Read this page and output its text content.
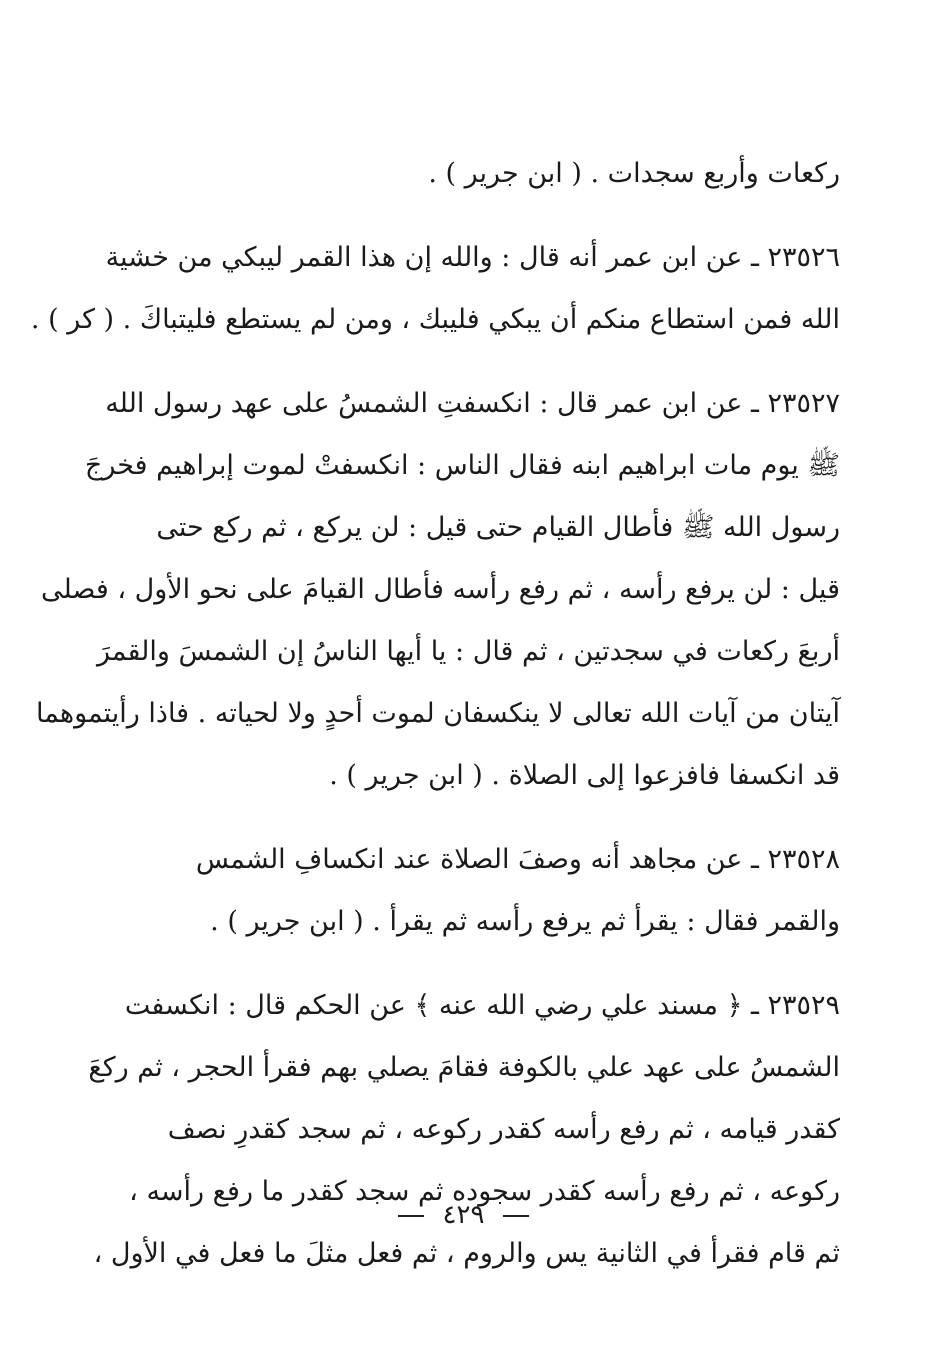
ركعات وأربع سجدات . ( ابن جرير ) .
٢٣٥٢٦ ـ عن ابن عمر أنه قال : والله إن هذا القمر ليبكي من خشية
الله فمن استطاع منكم أن يبكي فليبك ، ومن لم يستطع فليتباكَ . ( كر ) .
٢٣٥٢٧ ـ عن ابن عمر قال : انكسفتِ الشمسُ على عهد رسول الله
ﷺ يوم مات ابراهيم ابنه فقال الناس : انكسفتْ لموت إبراهيم فخرجَ
رسول الله ﷺ فأطال القيام حتى قيل : لن يركع ، ثم ركع حتى
قيل : لن يرفع رأسه ، ثم رفع رأسه فأطال القيامَ على نحو الأول ، فصلى
أربعَ ركعات في سجدتين ، ثم قال : يا أيها الناسُ إن الشمسَ والقمرَ
آيتان من آيات الله تعالى لا ينكسفان لموت أحدٍ ولا لحياته . فاذا رأيتموهما
قد انكسفا فافزعوا إلى الصلاة . ( ابن جرير ) .
٢٣٥٢٨ ـ عن مجاهد أنه وصفَ الصلاة عند انكسافِ الشمس
والقمر فقال : يقرأ ثم يرفع رأسه ثم يقرأ . ( ابن جرير ) .
٢٣٥٢٩ ـ ﴿ مسند علي رضي الله عنه ﴾ عن الحكم قال : انكسفت
الشمسُ على عهد علي بالكوفة فقامَ يصلي بهم فقرأ الحجر ، ثم ركعَ
كقدر قيامه ، ثم رفع رأسه كقدر ركوعه ، ثم سجد كقدرِ نصف
ركوعه ، ثم رفع رأسه كقدر سجوده ثم سجد كقدر ما رفع رأسه ،
ثم قام فقرأ في الثانية يس والروم ، ثم فعل مثلَ ما فعل في الأول ،
٤٢٩
